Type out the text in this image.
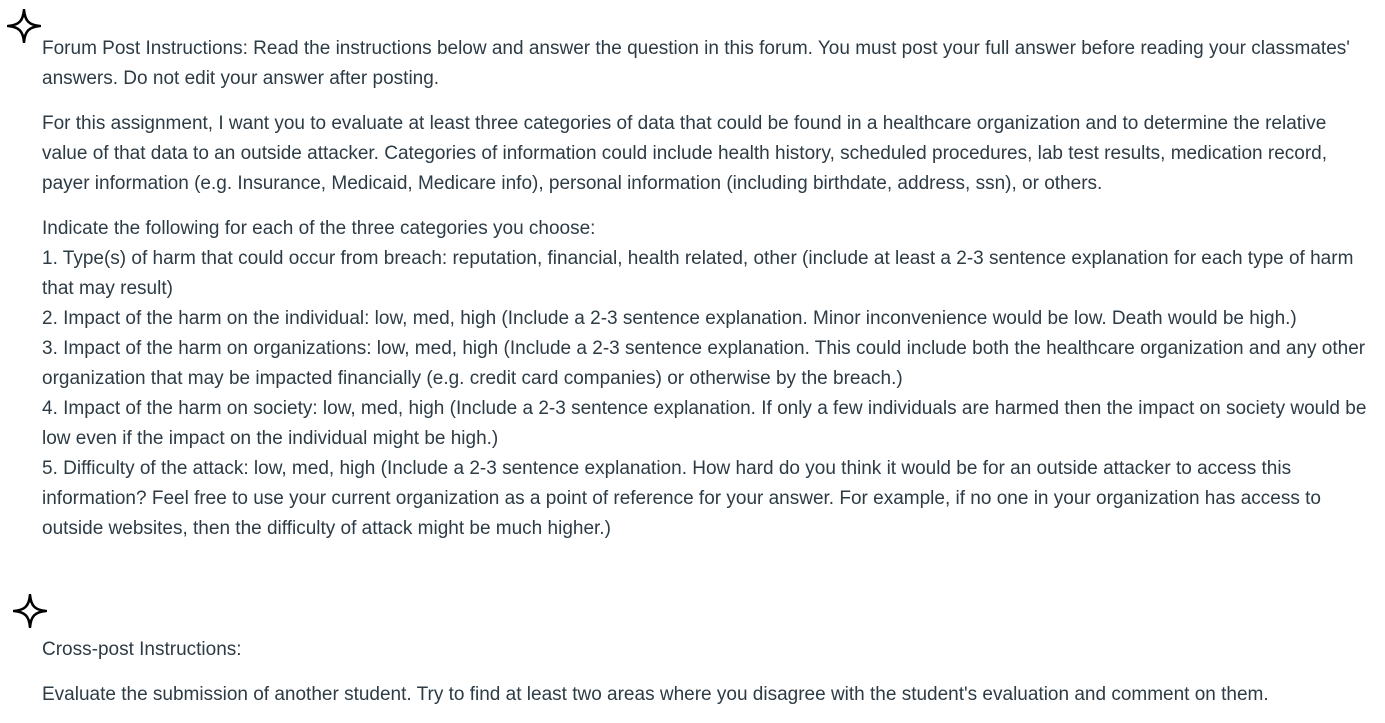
Forum Post Instructions: Read the instructions below and answer the question in this forum. You must post your full answer before reading your classmates' answers. Do not edit your answer after posting.

For this assignment, I want you to evaluate at least three categories of data that could be found in a healthcare organization and to determine the relative value of that data to an outside attacker. Categories of information could include health history, scheduled procedures, lab test results, medication record, payer information (e.g. Insurance, Medicaid, Medicare info), personal information (including birthdate, address, ssn), or others.

Indicate the following for each of the three categories you choose:

1. Type(s) of harm that could occur from breach: reputation, financial, health related, other (include at least a 2-3 sentence explanation for each type of harm that may result)

2. Impact of the harm on the individual: low, med, high (Include a 2-3 sentence explanation. Minor inconvenience would be low. Death would be high.)

3. Impact of the harm on organizations: low, med, high (Include a 2-3 sentence explanation. This could include both the healthcare organization and any other organization that may be impacted financially (e.g. credit card companies) or otherwise by the breach.)

4. Impact of the harm on society: low, med, high (Include a 2-3 sentence explanation. If only a few individuals are harmed then the impact on society would be low even if the impact on the individual might be high.)

5. Difficulty of the attack: low, med, high (Include a 2-3 sentence explanation. How hard do you think it would be for an outside attacker to access this information? Feel free to use your current organization as a point of reference for your answer. For example, if no one in your organization has access to outside websites, then the difficulty of attack might be much higher.)

Cross-post Instructions:

Evaluate the submission of another student. Try to find at least two areas where you disagree with the student's evaluation and comment on them.
